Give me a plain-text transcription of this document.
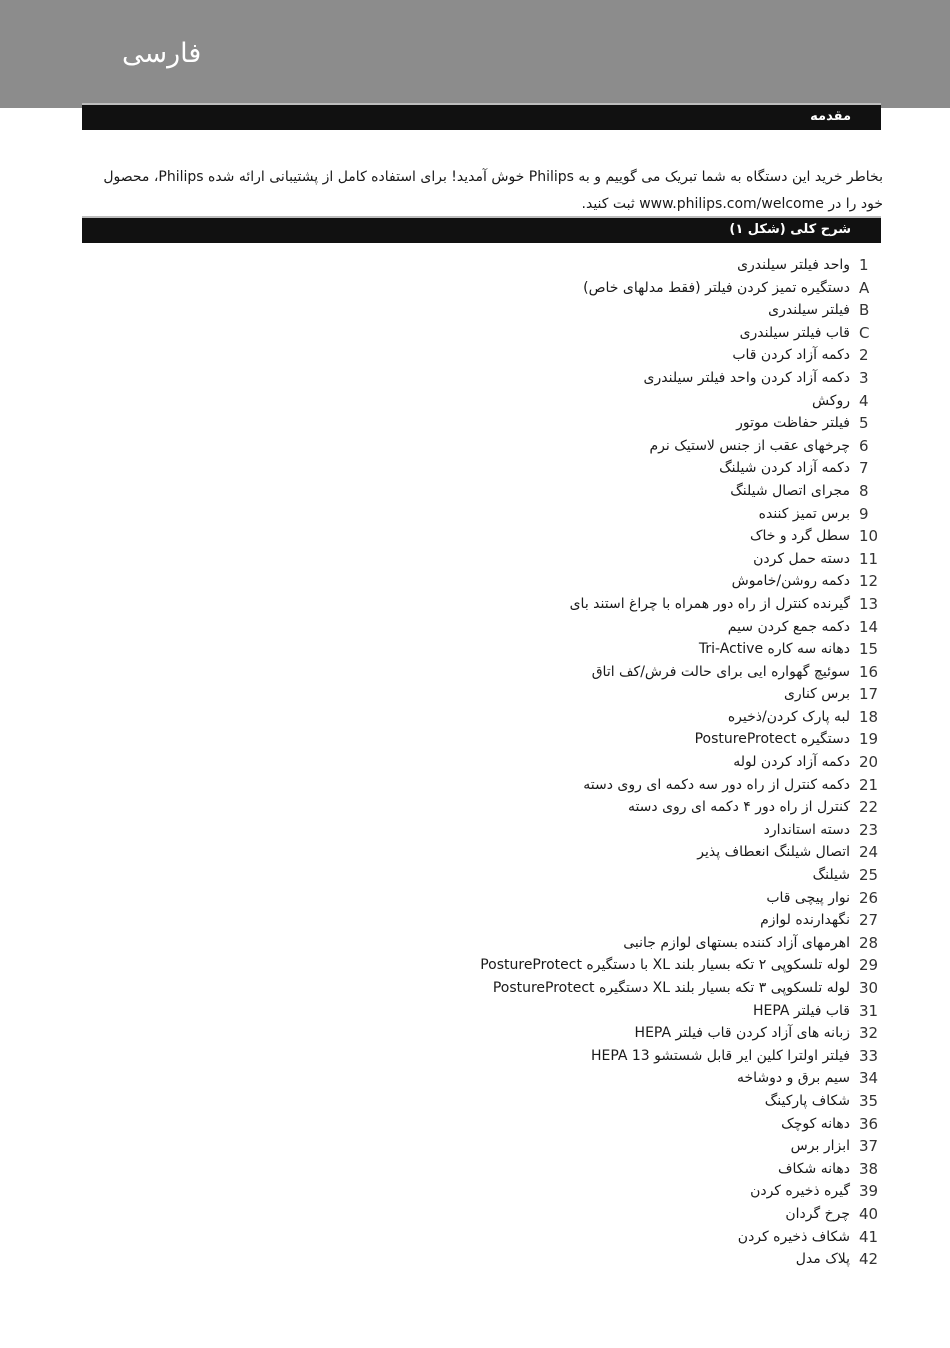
فارسی
مقدمه

بخاطر خرید این دستگاه به شما تبریک می گوییم و به Philips خوش آمدید! برای استفاده کامل از پشتیبانی ارائه شده Philips، محصول خود را در www.philips.com/welcome ثبت کنید.

شرح کلی (شکل ۱)
1
واحد فیلتر سیلندری
A
دستگیره تمیز کردن فیلتر (فقط مدلهای خاص)
B
فیلتر سیلندری
C
قاب فیلتر سیلندری
2
دکمه آزاد کردن قاب
3
دکمه آزاد کردن واحد فیلتر سیلندری
4
روکش
5
فیلتر حفاظت موتور
6
چرخهای عقب از جنس لاستیک نرم
7
دکمه آزاد کردن شیلنگ
8
مجرای اتصال شیلنگ
9
برس تمیز کننده
10
سطل گرد و خاک
11
دسته حمل کردن
12
دکمه روشن/خاموش
13
گیرنده کنترل از راه دور همراه با چراغ استند بای
14
دکمه جمع کردن سیم
15
دهانه سه کاره Tri-Active
16
سوئیچ گهواره ایی برای حالت فرش/کف اتاق
17
برس کناری
18
لبه پارک کردن/ذخیره
19
دستگیره PostureProtect
20
دکمه آزاد کردن لوله
21
دکمه کنترل از راه دور سه دکمه ای روی دسته
22
کنترل از راه دور ۴ دکمه ای روی دسته
23
دسته استاندارد
24
اتصال شیلنگ انعطاف پذیر
25
شیلنگ
26
نوار پیچی قاب
27
نگهدارنده لوازم
28
اهرمهای آزاد کننده بستهای لوازم جانبی
29
لوله تلسکوپی ۲ تکه بسیار بلند XL با دستگیره PostureProtect
30
لوله تلسکوپی ۳ تکه بسیار بلند XL دستگیره PostureProtect
31
قاب فیلتر HEPA
32
زبانه های آزاد کردن قاب فیلتر HEPA
33
فیلتر اولترا کلین ایر قابل شستشو HEPA 13
34
سیم برق و دوشاخه
35
شکاف پارکینگ
36
دهانه کوچک
37
ابزار برس
38
دهانه شکاف
39
گیره ذخیره کردن
40
چرخ گردان
41
شکاف ذخیره کردن
42
پلاک مدل
